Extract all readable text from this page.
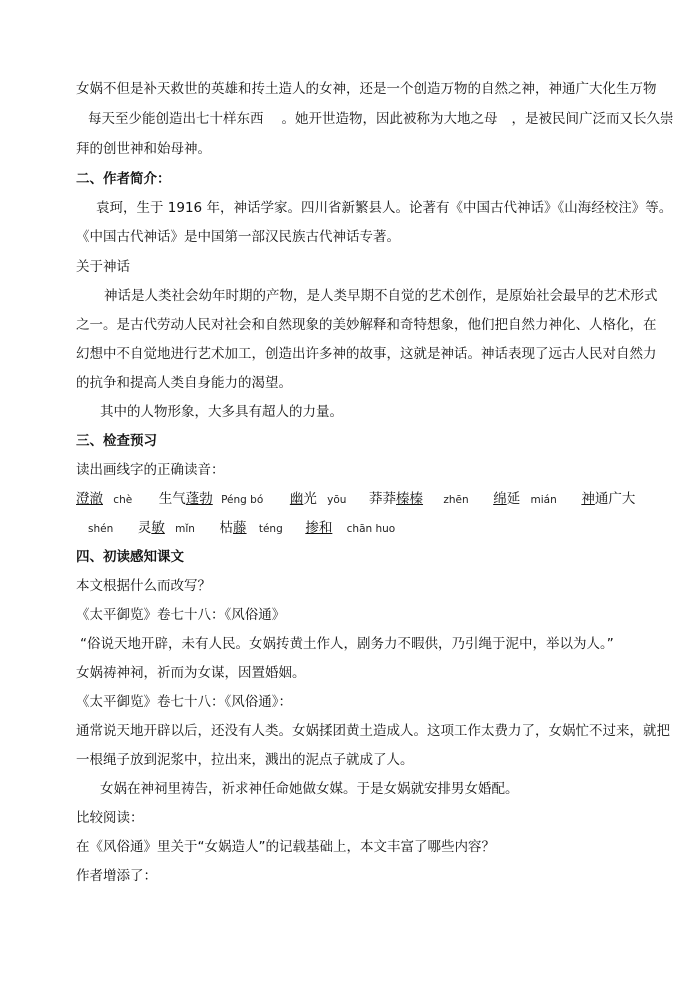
女娲不但是补天救世的英雄和抟土造人的女神，还是一个创造万物的自然之神，神通广大化生万物
每天至少能创造出七十样东西 。她开世造物，因此被称为大地之母 ，是被民间广泛而又长久崇
拜的创世神和始母神。
二、作者简介：
袁珂，生于 1916 年，神话学家。四川省新繁县人。论著有《中国古代神话》《山海经校注》等。
《中国古代神话》是中国第一部汉民族古代神话专著。
关于神话
神话是人类社会幼年时期的产物，是人类早期不自觉的艺术创作，是原始社会最早的艺术形式
之一。是古代劳动人民对社会和自然现象的美妙解释和奇特想象，他们把自然力神化、人格化，在
幻想中不自觉地进行艺术加工，创造出许多神的故事，这就是神话。神话表现了远古人民对自然力
的抗争和提高人类自身能力的渴望。
其中的人物形象，大多具有超人的力量。
三、检查预习
读出画线字的正确读音：
澄澈 chè 生气蓬勃 Péng bó 幽光 yōu 莽莽榛榛 zhēn 绵延 mián 神通广大
shén 灵敏 mǐn 枯藤 téng 掺和 chān huo
四、初读感知课文
本文根据什么而改写？
《太平御览》卷七十八：《风俗通》
“俗说天地开辟，未有人民。女娲抟黄土作人，剧务力不暇供，乃引绳于泥中，举以为人。”
女娲祷神祠，祈而为女谋，因置婚姻。
《太平御览》卷七十八：《风俗通》：
通常说天地开辟以后，还没有人类。女娲揉团黄土造成人。这项工作太费力了，女娲忙不过来，就把
一根绳子放到泥浆中，拉出来，溅出的泥点子就成了人。
女娲在神祠里祷告，祈求神任命她做女媒。于是女娲就安排男女婚配。
比较阅读：
在《风俗通》里关于“女娲造人”的记载基础上，本文丰富了哪些内容？
作者增添了：
